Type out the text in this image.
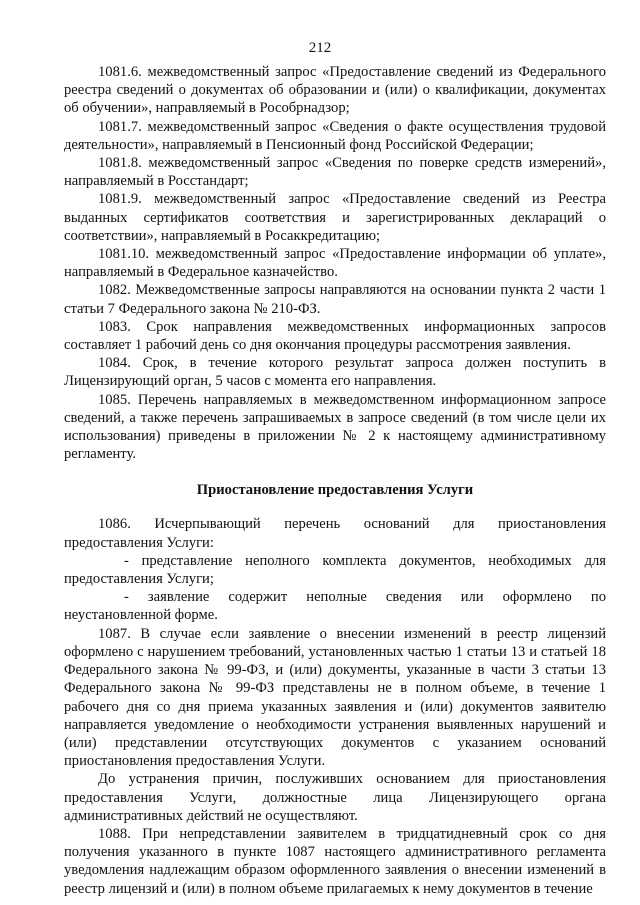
212

1081.6. межведомственный запрос «Предоставление сведений из Федерального реестра сведений о документах об образовании и (или) о квалификации, документах об обучении», направляемый в Рособрнадзор;

1081.7. межведомственный запрос «Сведения о факте осуществления трудовой деятельности», направляемый в Пенсионный фонд Российской Федерации;

1081.8. межведомственный запрос «Сведения по поверке средств измерений», направляемый в Росстандарт;

1081.9. межведомственный запрос «Предоставление сведений из Реестра выданных сертификатов соответствия и зарегистрированных деклараций о соответствии», направляемый в Росаккредитацию;

1081.10. межведомственный запрос «Предоставление информации об уплате», направляемый в Федеральное казначейство.

1082. Межведомственные запросы направляются на основании пункта 2 части 1 статьи 7 Федерального закона № 210-ФЗ.

1083. Срок направления межведомственных информационных запросов составляет 1 рабочий день со дня окончания процедуры рассмотрения заявления.

1084. Срок, в течение которого результат запроса должен поступить в Лицензирующий орган, 5 часов с момента его направления.

1085. Перечень направляемых в межведомственном информационном запросе сведений, а также перечень запрашиваемых в запросе сведений (в том числе цели их использования) приведены в приложении № 2 к настоящему административному регламенту.

Приостановление предоставления Услуги

1086. Исчерпывающий перечень оснований для приостановления предоставления Услуги:

- представление неполного комплекта документов, необходимых для предоставления Услуги;

- заявление содержит неполные сведения или оформлено по неустановленной форме.

1087. В случае если заявление о внесении изменений в реестр лицензий оформлено с нарушением требований, установленных частью 1 статьи 13 и статьей 18 Федерального закона № 99-ФЗ, и (или) документы, указанные в части 3 статьи 13 Федерального закона № 99-ФЗ представлены не в полном объеме, в течение 1 рабочего дня со дня приема указанных заявления и (или) документов заявителю направляется уведомление о необходимости устранения выявленных нарушений и (или) представлении отсутствующих документов с указанием оснований приостановления предоставления Услуги.

До устранения причин, послуживших основанием для приостановления предоставления Услуги, должностные лица Лицензирующего органа административных действий не осуществляют.

1088. При непредставлении заявителем в тридцатидневный срок со дня получения указанного в пункте 1087 настоящего административного регламента уведомления надлежащим образом оформленного заявления о внесении изменений в реестр лицензий и (или) в полном объеме прилагаемых к нему документов в течение
